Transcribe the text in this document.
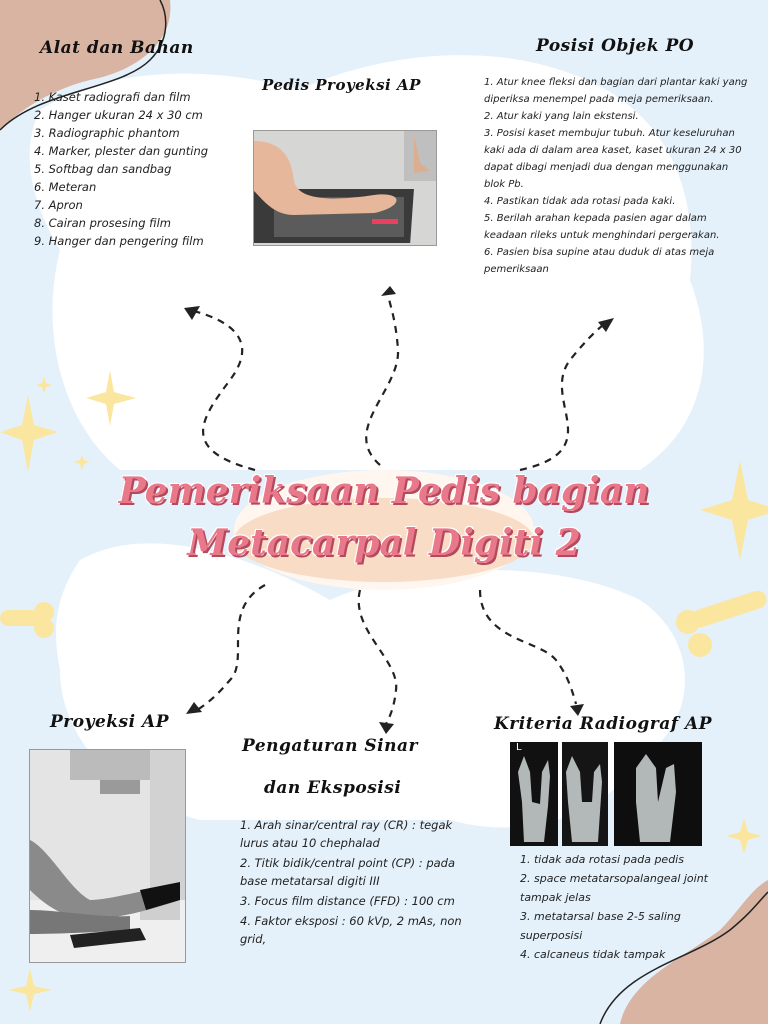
Alat dan Bahan
1. Kaset radiografi dan film
2. Hanger ukuran 24 x 30 cm
3. Radiographic phantom
4. Marker, plester dan gunting
5. Softbag dan sandbag
6. Meteran
7. Apron
8. Cairan prosesing film
9. Hanger dan pengering film
Pedis Proyeksi AP
Posisi Objek PO
1. Atur knee fleksi dan bagian dari plantar kaki yang diperiksa menempel pada meja pemeriksaan.
2. Atur kaki yang lain ekstensi.
3. Posisi kaset membujur tubuh. Atur keseluruhan kaki ada di dalam area kaset, kaset ukuran 24 x 30 dapat dibagi menjadi dua dengan menggunakan blok Pb.
4. Pastikan tidak ada rotasi pada kaki.
5. Berilah arahan kepada pasien agar dalam keadaan rileks untuk menghindari pergerakan.
6. Pasien bisa supine atau duduk di atas meja pemeriksaan
Pemeriksaan Pedis bagian
Metacarpal Digiti 2
Proyeksi AP
Pengaturan Sinar
dan Eksposisi
1. Arah sinar/central ray (CR) : tegak lurus atau 10 chephalad
2. Titik bidik/central point (CP) : pada base metatarsal digiti III
3. Focus film distance (FFD) : 100 cm
4. Faktor eksposi : 60 kVp, 2 mAs, non grid,
Kriteria Radiograf AP
L
1. tidak ada rotasi pada pedis
2. space metatarsopalangeal joint tampak jelas
3. metatarsal base 2-5 saling superposisi
4. calcaneus tidak tampak
